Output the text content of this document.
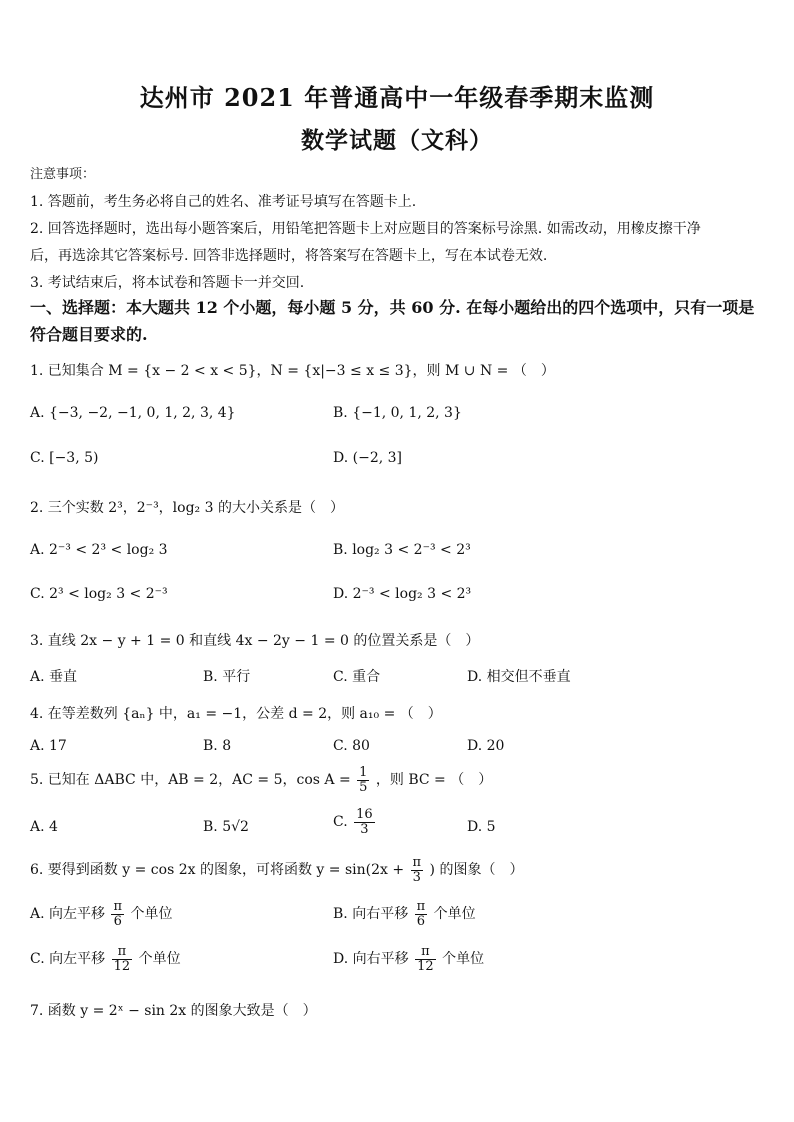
达州市 2021 年普通高中一年级春季期末监测
数学试题（文科）
注意事项：
1. 答题前，考生务必将自己的姓名、准考证号填写在答题卡上.
2. 回答选择题时，选出每小题答案后，用铅笔把答题卡上对应题目的答案标号涂黑. 如需改动，用橡皮擦干净
后，再选涂其它答案标号. 回答非选择题时，将答案写在答题卡上，写在本试卷无效.
3. 考试结束后，将本试卷和答题卡一并交回.
一、选择题：本大题共 12 个小题，每小题 5 分，共 60 分. 在每小题给出的四个选项中，只有一项是符合题目要求的.
1. 已知集合 M = {x − 2 < x < 5}，N = {x|−3 ≤ x ≤ 3}，则 M ∪ N = （　）
A. {−3, −2, −1, 0, 1, 2, 3, 4}	B. {−1, 0, 1, 2, 3}
C. [−3, 5)	D. (−2, 3]
2. 三个实数 2³，2⁻³，log₂ 3 的大小关系是（　）
A. 2⁻³ < 2³ < log₂ 3	B. log₂ 3 < 2⁻³ < 2³
C. 2³ < log₂ 3 < 2⁻³	D. 2⁻³ < log₂ 3 < 2³
3. 直线 2x − y + 1 = 0 和直线 4x − 2y − 1 = 0 的位置关系是（　）
A. 垂直	B. 平行	C. 重合	D. 相交但不垂直
4. 在等差数列 {aₙ} 中，a₁ = −1，公差 d = 2，则 a₁₀ = （　）
A. 17	B. 8	C. 80	D. 20
5. 已知在 ΔABC 中，AB = 2，AC = 5，$\cos A = \frac{1}{5}$ ，则 BC = （　）
A. 4	B. 5√2	C. $\frac{16}{3}$	D. 5
6. 要得到函数 y = cos 2x 的图象，可将函数 $y = \sin(2x + \frac{\pi}{3}$ ) 的图象（　）
A. 向左平移 $\frac{\pi}{6}$ 个单位	B. 向右平移 $\frac{\pi}{6}$ 个单位
C. 向左平移 $\frac{\pi}{12}$ 个单位	D. 向右平移 $\frac{\pi}{12}$ 个单位
7. 函数 y = 2ˣ − sin 2x 的图象大致是（　）
